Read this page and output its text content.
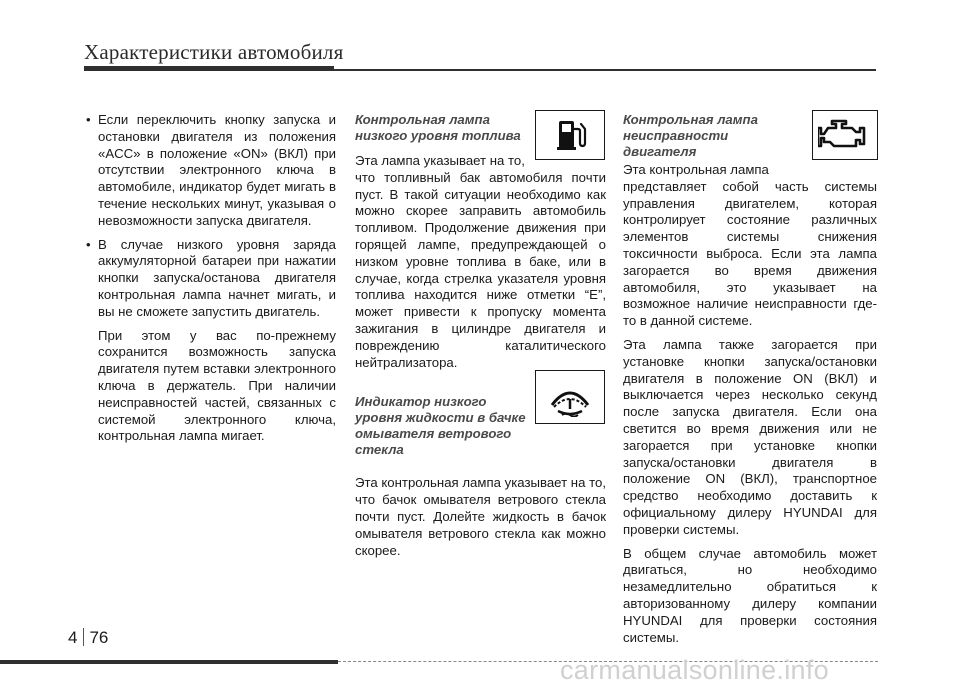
Характеристики автомобиля

• Если переключить кнопку запуска и остановки двигателя из положения «ACC» в положение «ON» (ВКЛ) при отсутствии электронного ключа в автомобиле, индикатор будет мигать в течение нескольких минут, указывая о невозможности запуска двигателя.

• В случае низкого уровня заряда аккумуляторной батареи при нажатии кнопки запуска/останова двигателя контрольная лампа начнет мигать, и вы не сможете запустить двигатель.

При этом у вас по-прежнему сохранится возможность запуска двигателя путем вставки электронного ключа в держатель. При наличии неисправностей частей, связанных с системой электронного ключа, контрольная лампа мигает.

Контрольная лампа
низкого уровня топлива
Эта лампа указывает на то,

что топливный бак автомобиля почти пуст. В такой ситуации необходимо как можно скорее заправить автомобиль топливом. Продолжение движения при горящей лампе, предупреждающей о низком уровне топлива в баке, или в случае, когда стрелка указателя уровня топлива находится ниже отметки “E”, может привести к пропуску момента зажигания в цилиндре двигателя и повреждению каталитического нейтрализатора.

Индикатор низкого
уровня жидкости в бачке
омывателя ветрового
стекла

Эта контрольная лампа указывает на то, что бачок омывателя ветрового стекла почти пуст. Долейте жидкость в бачок омывателя ветрового стекла как можно скорее.

Контрольная лампа
неисправности
двигателя
Эта контрольная лампа

представляет собой часть системы управления двигателем, которая контролирует состояние различных элементов системы снижения токсичности выброса. Если эта лампа загорается во время движения автомобиля, это указывает на возможное наличие неисправности где-то в данной системе.

Эта лампа также загорается при установке кнопки запуска/остановки двигателя в положение ON (ВКЛ) и выключается через несколько секунд после запуска двигателя. Если она светится во время движения или не загорается при установке кнопки запуска/остановки двигателя в положение ON (ВКЛ), транспортное средство необходимо доставить к официальному дилеру HYUNDAI для проверки системы.

В общем случае автомобиль может двигаться, но необходимо незамедлительно обратиться к авторизованному дилеру компании HYUNDAI для проверки состояния системы.

4 76
carmanualsonline.info
